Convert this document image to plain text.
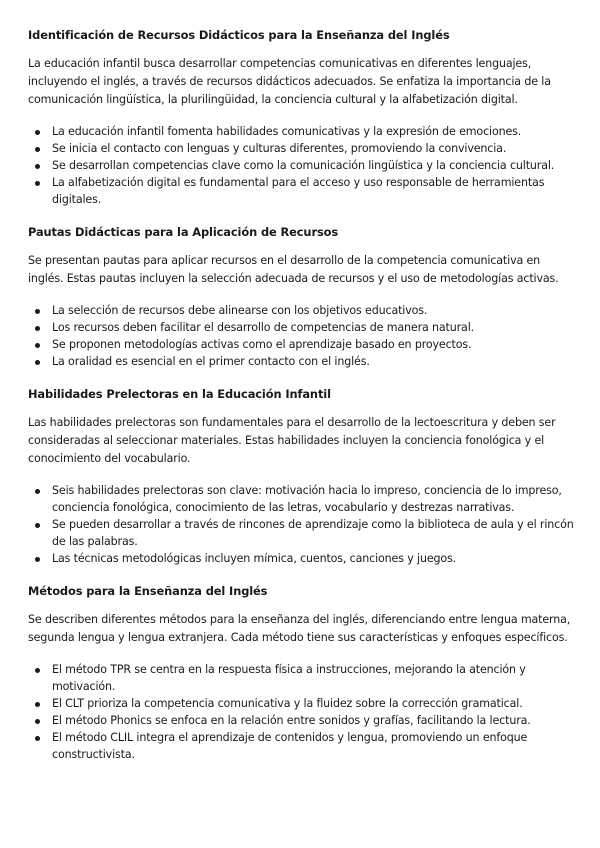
Identificación de Recursos Didácticos para la Enseñanza del Inglés

La educación infantil busca desarrollar competencias comunicativas en diferentes lenguajes, incluyendo el inglés, a través de recursos didácticos adecuados. Se enfatiza la importancia de la comunicación lingüística, la plurilingüidad, la conciencia cultural y la alfabetización digital.

La educación infantil fomenta habilidades comunicativas y la expresión de emociones.
Se inicia el contacto con lenguas y culturas diferentes, promoviendo la convivencia.
Se desarrollan competencias clave como la comunicación lingüística y la conciencia cultural.
La alfabetización digital es fundamental para el acceso y uso responsable de herramientas digitales.
Pautas Didácticas para la Aplicación de Recursos

Se presentan pautas para aplicar recursos en el desarrollo de la competencia comunicativa en inglés. Estas pautas incluyen la selección adecuada de recursos y el uso de metodologías activas.

La selección de recursos debe alinearse con los objetivos educativos.
Los recursos deben facilitar el desarrollo de competencias de manera natural.
Se proponen metodologías activas como el aprendizaje basado en proyectos.
La oralidad es esencial en el primer contacto con el inglés.
Habilidades Prelectoras en la Educación Infantil

Las habilidades prelectoras son fundamentales para el desarrollo de la lectoescritura y deben ser consideradas al seleccionar materiales. Estas habilidades incluyen la conciencia fonológica y el conocimiento del vocabulario.

Seis habilidades prelectoras son clave: motivación hacia lo impreso, conciencia de lo impreso, conciencia fonológica, conocimiento de las letras, vocabulario y destrezas narrativas.
Se pueden desarrollar a través de rincones de aprendizaje como la biblioteca de aula y el rincón de las palabras.
Las técnicas metodológicas incluyen mímica, cuentos, canciones y juegos.
Métodos para la Enseñanza del Inglés

Se describen diferentes métodos para la enseñanza del inglés, diferenciando entre lengua materna, segunda lengua y lengua extranjera. Cada método tiene sus características y enfoques específicos.

El método TPR se centra en la respuesta física a instrucciones, mejorando la atención y motivación.
El CLT prioriza la competencia comunicativa y la fluidez sobre la corrección gramatical.
El método Phonics se enfoca en la relación entre sonidos y grafías, facilitando la lectura.
El método CLIL integra el aprendizaje de contenidos y lengua, promoviendo un enfoque constructivista.
